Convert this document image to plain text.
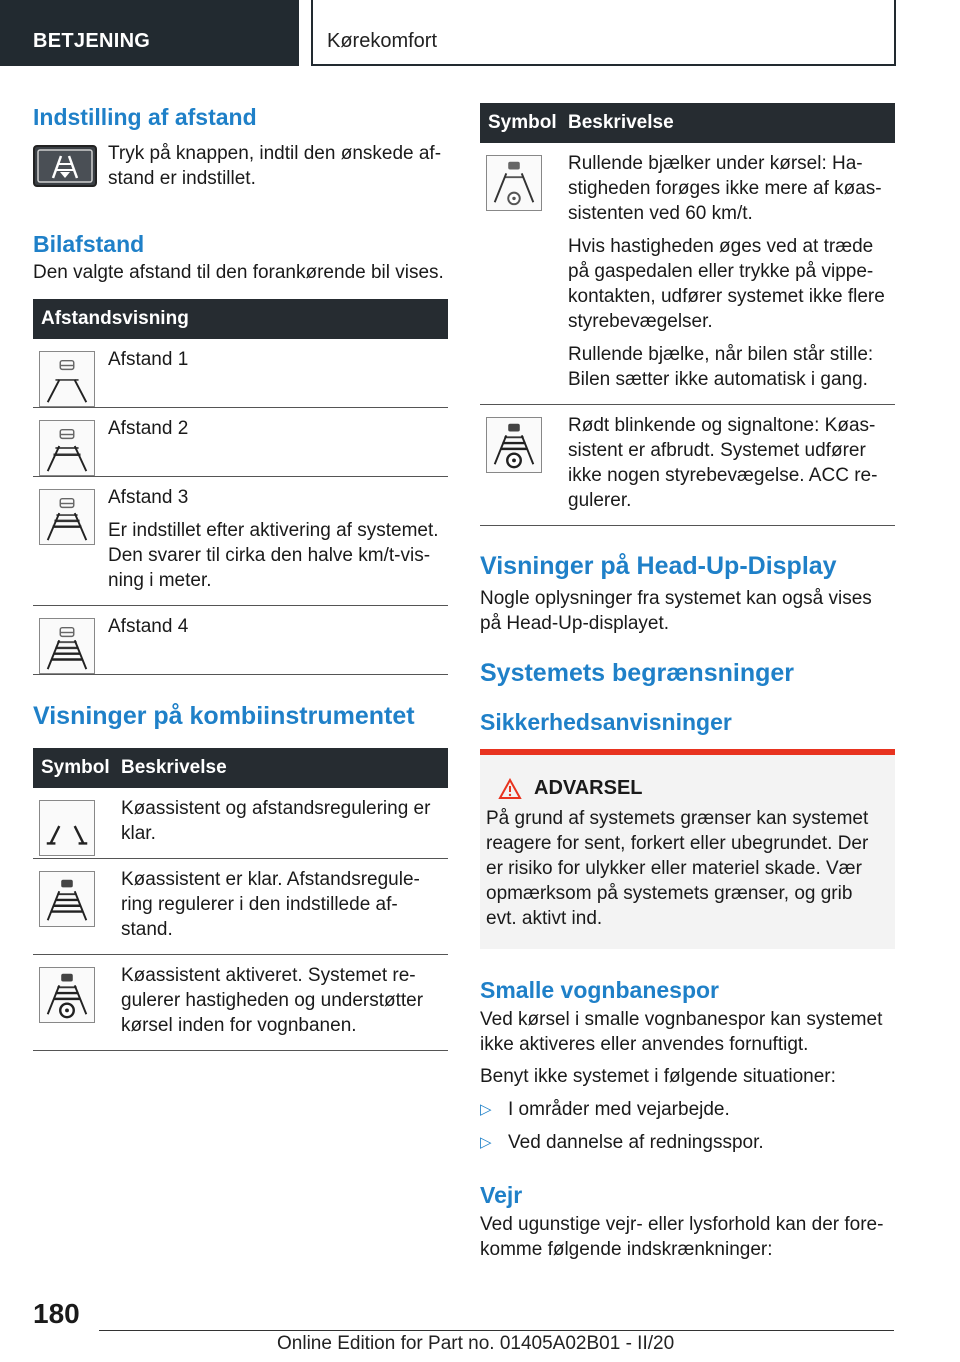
BETJENING	Kørekomfort
Indstilling af afstand

Tryk på knappen, indtil den ønskede af-stand er indstillet.

Bilafstand

Den valgte afstand til den forankørende bil vises.

Afstandsvisning

Afstand 1

Afstand 2

Afstand 3

Er indstillet efter aktivering af systemet. Den svarer til cirka den halve km/t-vis-ning i meter.

Afstand 4

Visninger på kombiinstrumentet
Symbol Beskrivelse

Køassistent og afstandsregulering er klar.

Køassistent er klar. Afstandsregule-ring regulerer i den indstillede af-stand.

Køassistent aktiveret. Systemet re-gulerer hastigheden og understøtter kørsel inden for vognbanen.

Symbol Beskrivelse

Rullende bjælker under kørsel: Ha-stigheden forøges ikke mere af køas-sistenten ved 60 km/t.

Hvis hastigheden øges ved at træde på gaspedalen eller trykke på vippe-kontakten, udfører systemet ikke flere styrebevægelser.

Rullende bjælke, når bilen står stille: Bilen sætter ikke automatisk i gang.

Rødt blinkende og signaltone: Køas-sistent er afbrudt. Systemet udfører ikke nogen styrebevægelse. ACC re-gulerer.

Visninger på Head-Up-Display

Nogle oplysninger fra systemet kan også vises på Head-Up-displayet.

Systemets begrænsninger
Sikkerhedsanvisninger
ADVARSEL

På grund af systemets grænser kan systemet reagere for sent, forkert eller ubegrundet. Der er risiko for ulykker eller materiel skade. Vær opmærksom på systemets grænser, og grib evt. aktivt ind.

Smalle vognbanespor

Ved kørsel i smalle vognbanespor kan systemet ikke aktiveres eller anvendes fornuftigt.

Benyt ikke systemet i følgende situationer:

▷ I områder med vejarbejde.
▷ Ved dannelse af redningsspor.
Vejr

Ved ugunstige vejr- eller lysforhold kan der fore-komme følgende indskrænkninger:

180
Online Edition for Part no. 01405A02B01 - II/20
